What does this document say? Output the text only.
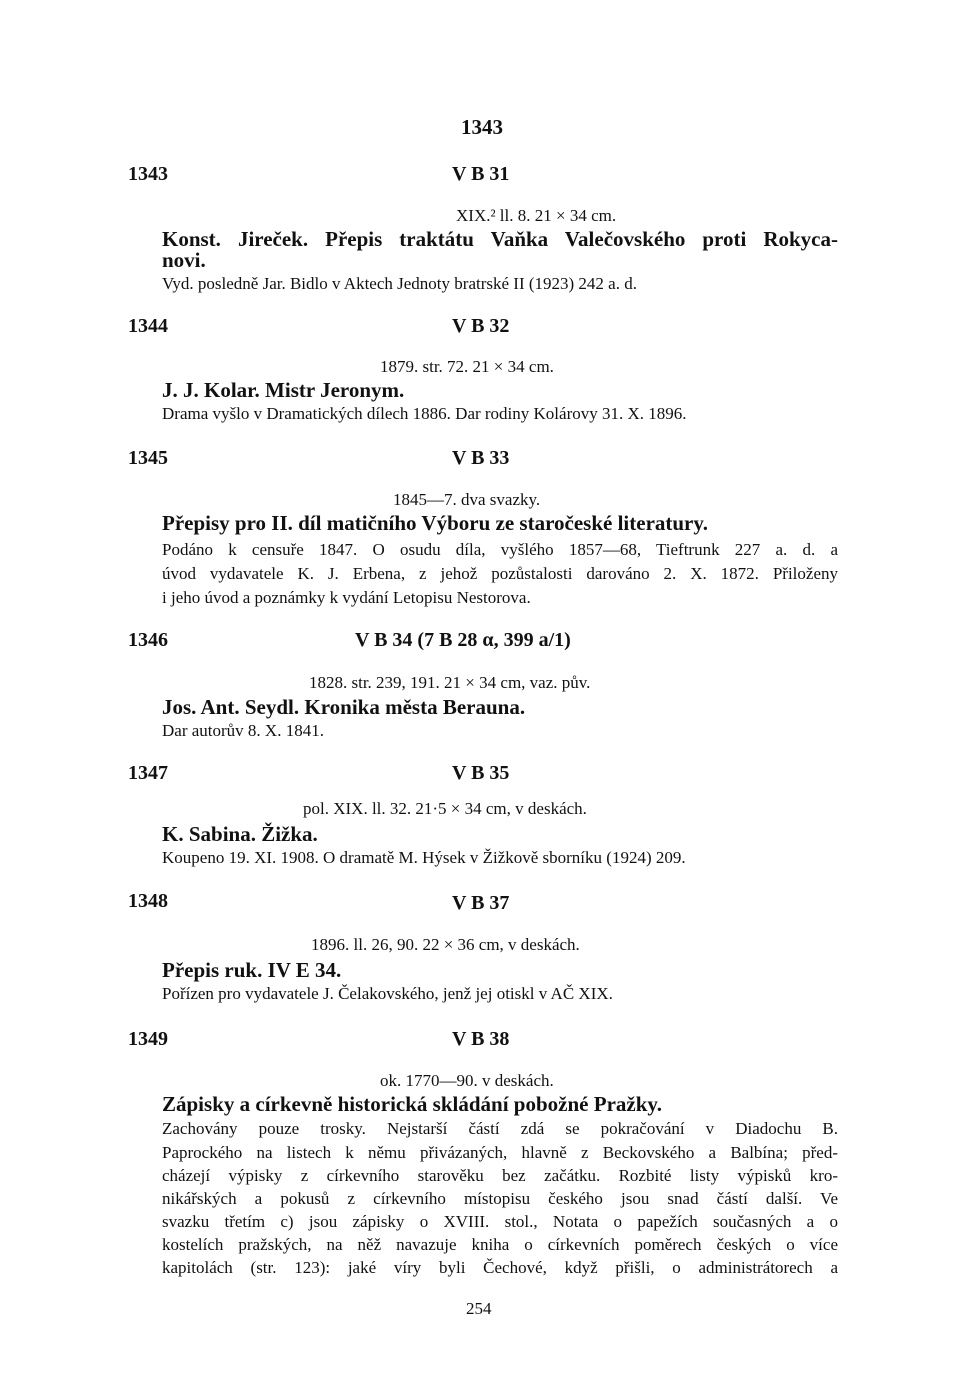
1343
1343	V B 31
XIX.² ll. 8. 21 × 34 cm.
Konst. Jireček. Přepis traktátu Vaňka Valečovského proti Rokyca-
novi.
Vyd. posledně Jar. Bidlo v Aktech Jednoty bratrské II (1923) 242 a. d.
1344	V B 32
1879. str. 72. 21 × 34 cm.
J. J. Kolar. Mistr Jeronym.
Drama vyšlo v Dramatických dílech 1886. Dar rodiny Kolárovy 31. X. 1896.
1345	V B 33
1845—7. dva svazky.
Přepisy pro II. díl matičního Výboru ze staročeské literatury.
Podáno k censuře 1847. O osudu díla, vyšlého 1857—68, Tieftrunk 227 a. d. a
úvod vydavatele K. J. Erbena, z jehož pozůstalosti darováno 2. X. 1872. Přiloženy
i jeho úvod a poznámky k vydání Letopisu Nestorova.
1346	V B 34 (7 B 28 α, 399 a/1)
1828. str. 239, 191. 21 × 34 cm, vaz. pův.
Jos. Ant. Seydl. Kronika města Berauna.
Dar autorův 8. X. 1841.
1347	V B 35
pol. XIX. ll. 32. 21·5 × 34 cm, v deskách.
K. Sabina. Žižka.
Koupeno 19. XI. 1908. O dramatě M. Hýsek v Žižkově sborníku (1924) 209.
1348	V B 37
1896. ll. 26, 90. 22 × 36 cm, v deskách.
Přepis ruk. IV E 34.
Pořízen pro vydavatele J. Čelakovského, jenž jej otiskl v AČ XIX.
1349	V B 38
ok. 1770—90. v deskách.
Zápisky a církevně historická skládání pobožné Pražky.
Zachovány pouze trosky. Nejstarší částí zdá se pokračování v Diadochu B.
Paprockého na listech k němu přivázaných, hlavně z Beckovského a Balbína; před-
cházejí výpisky z církevního starověku bez začátku. Rozbité listy výpisků kro-
nikářských a pokusů z církevního místopisu českého jsou snad částí další. Ve
svazku třetím c) jsou zápisky o XVIII. stol., Notata o papežích současných a o
kostelích pražských, na něž navazuje kniha o církevních poměrech českých o více
kapitolách (str. 123): jaké víry byli Čechové, když přišli, o administrátorech a
254
